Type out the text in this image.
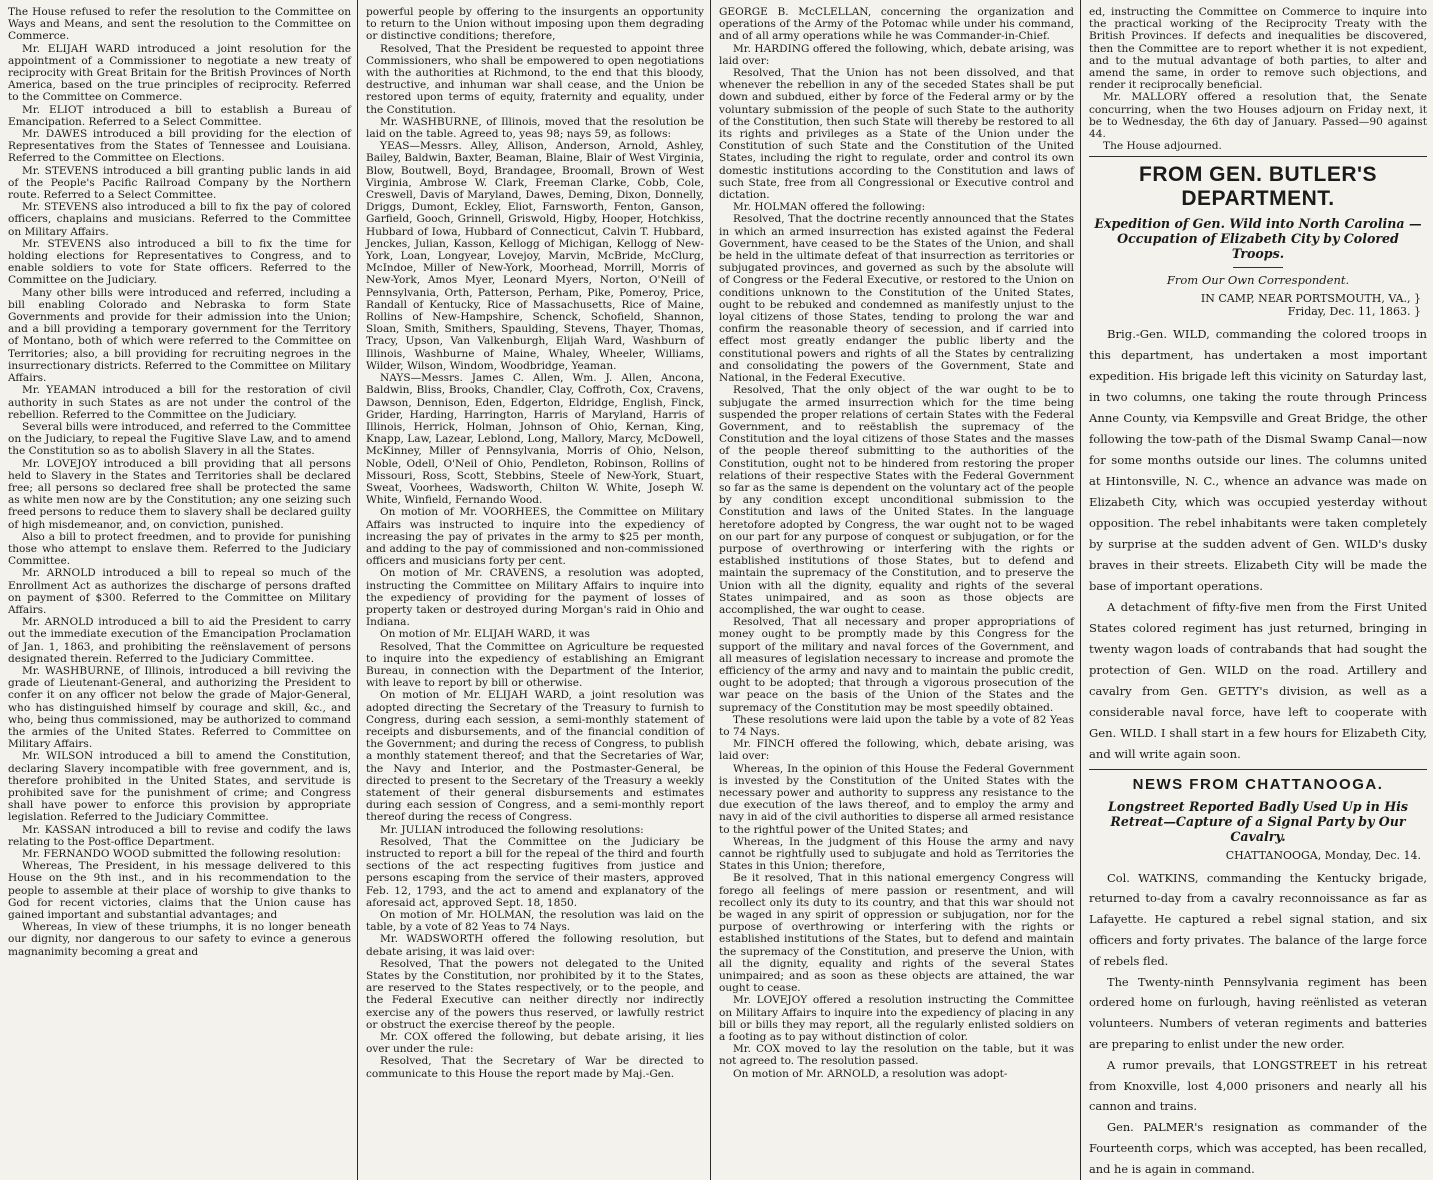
The House refused to refer the resolution to the Committee on Ways and Means, and sent the resolution to the Committee on Commerce.

Mr. ELIJAH WARD introduced a joint resolution for the appointment of a Commissioner to negotiate a new treaty of reciprocity with Great Britain for the British Provinces of North America, based on the true principles of reciprocity. Referred to the Committee on Commerce.

Mr. ELIOT introduced a bill to establish a Bureau of Emancipation. Referred to a Select Committee.

Mr. DAWES introduced a bill providing for the election of Representatives from the States of Tennessee and Louisiana. Referred to the Committee on Elections.

Mr. STEVENS introduced a bill granting public lands in aid of the People's Pacific Railroad Company by the Northern route. Referred to a Select Committee.

Mr. STEVENS also introduced a bill to fix the pay of colored officers, chaplains and musicians. Referred to the Committee on Military Affairs.

Mr. STEVENS also introduced a bill to fix the time for holding elections for Representatives to Congress, and to enable soldiers to vote for State officers. Referred to the Committee on the Judiciary.

Many other bills were introduced and referred, including a bill enabling Colorado and Nebraska to form State Governments and provide for their admission into the Union; and a bill providing a temporary government for the Territory of Montano, both of which were referred to the Committee on Territories; also, a bill providing for recruiting negroes in the insurrectionary districts. Referred to the Committee on Military Affairs.

Mr. YEAMAN introduced a bill for the restoration of civil authority in such States as are not under the control of the rebellion. Referred to the Committee on the Judiciary.

Several bills were introduced, and referred to the Committee on the Judiciary, to repeal the Fugitive Slave Law, and to amend the Constitution so as to abolish Slavery in all the States.

Mr. LOVEJOY introduced a bill providing that all persons held to Slavery in the States and Territories shall be declared free; all persons so declared free shall be protected the same as white men now are by the Constitution; any one seizing such freed persons to reduce them to slavery shall be declared guilty of high misdemeanor, and, on conviction, punished.

Also a bill to protect freedmen, and to provide for punishing those who attempt to enslave them. Referred to the Judiciary Committee.

Mr. ARNOLD introduced a bill to repeal so much of the Enrollment Act as authorizes the discharge of persons drafted on payment of $300. Referred to the Committee on Military Affairs.

Mr. ARNOLD introduced a bill to aid the President to carry out the immediate execution of the Emancipation Proclamation of Jan. 1, 1863, and prohibiting the reënslavement of persons designated therein. Referred to the Judiciary Committee.

Mr. WASHBURNE, of Illinois, introduced a bill reviving the grade of Lieutenant-General, and authorizing the President to confer it on any officer not below the grade of Major-General, who has distinguished himself by courage and skill, &c., and who, being thus commissioned, may be authorized to command the armies of the United States. Referred to Committee on Military Affairs.

Mr. WILSON introduced a bill to amend the Constitution, declaring Slavery incompatible with free government, and is, therefore prohibited in the United States, and servitude is prohibited save for the punishment of crime; and Congress shall have power to enforce this provision by appropriate legislation. Referred to the Judiciary Committee.

Mr. KASSAN introduced a bill to revise and codify the laws relating to the Post-office Department.

Mr. FERNANDO WOOD submitted the following resolution:

Whereas, The President, in his message delivered to this House on the 9th inst., and in his recommendation to the people to assemble at their place of worship to give thanks to God for recent victories, claims that the Union cause has gained important and substantial advantages; and

Whereas, In view of these triumphs, it is no longer beneath our dignity, nor dangerous to our safety to evince a generous magnanimity becoming a great and

powerful people by offering to the insurgents an opportunity to return to the Union without imposing upon them degrading or distinctive conditions; therefore,

Resolved, That the President be requested to appoint three Commissioners, who shall be empowered to open negotiations with the authorities at Richmond, to the end that this bloody, destructive, and inhuman war shall cease, and the Union be restored upon terms of equity, fraternity and equality, under the Constitution.

Mr. WASHBURNE, of Illinois, moved that the resolution be laid on the table. Agreed to, yeas 98; nays 59, as follows:

YEAS—Messrs. Alley, Allison, Anderson, Arnold, Ashley, Bailey, Baldwin, Baxter, Beaman, Blaine, Blair of West Virginia, Blow, Boutwell, Boyd, Brandagee, Broomall, Brown of West Virginia, Ambrose W. Clark, Freeman Clarke, Cobb, Cole, Creswell, Davis of Maryland, Dawes, Deming, Dixon, Donnelly, Driggs, Dumont, Eckley, Eliot, Farnsworth, Fenton, Ganson, Garfield, Gooch, Grinnell, Griswold, Higby, Hooper, Hotchkiss, Hubbard of Iowa, Hubbard of Connecticut, Calvin T. Hubbard, Jenckes, Julian, Kasson, Kellogg of Michigan, Kellogg of New-York, Loan, Longyear, Lovejoy, Marvin, McBride, McClurg, McIndoe, Miller of New-York, Moorhead, Morrill, Morris of New-York, Amos Myer, Leonard Myers, Norton, O'Neill of Pennsylvania, Orth, Patterson, Perham, Pike, Pomeroy, Price, Randall of Kentucky, Rice of Massachusetts, Rice of Maine, Rollins of New-Hampshire, Schenck, Schofield, Shannon, Sloan, Smith, Smithers, Spaulding, Stevens, Thayer, Thomas, Tracy, Upson, Van Valkenburgh, Elijah Ward, Washburn of Illinois, Washburne of Maine, Whaley, Wheeler, Williams, Wilder, Wilson, Windom, Woodbridge, Yeaman.

NAYS—Messrs. James C. Allen, Wm. J. Allen, Ancona, Baldwin, Bliss, Brooks, Chandler, Clay, Coffroth, Cox, Cravens, Dawson, Dennison, Eden, Edgerton, Eldridge, English, Finck, Grider, Harding, Harrington, Harris of Maryland, Harris of Illinois, Herrick, Holman, Johnson of Ohio, Kernan, King, Knapp, Law, Lazear, Leblond, Long, Mallory, Marcy, McDowell, McKinney, Miller of Pennsylvania, Morris of Ohio, Nelson, Noble, Odell, O'Neil of Ohio, Pendleton, Robinson, Rollins of Missouri, Ross, Scott, Stebbins, Steele of New-York, Stuart, Sweat, Voorhees, Wadsworth, Chilton W. White, Joseph W. White, Winfield, Fernando Wood.

On motion of Mr. VOORHEES, the Committee on Military Affairs was instructed to inquire into the expediency of increasing the pay of privates in the army to $25 per month, and adding to the pay of commissioned and non-commissioned officers and musicians forty per cent.

On motion of Mr. CRAVENS, a resolution was adopted, instructing the Committee on Military Affairs to inquire into the expediency of providing for the payment of losses of property taken or destroyed during Morgan's raid in Ohio and Indiana.

On motion of Mr. ELIJAH WARD, it was

Resolved, That the Committee on Agriculture be requested to inquire into the expediency of establishing an Emigrant Bureau, in connection with the Department of the Interior, with leave to report by bill or otherwise.

On motion of Mr. ELIJAH WARD, a joint resolution was adopted directing the Secretary of the Treasury to furnish to Congress, during each session, a semi-monthly statement of receipts and disbursements, and of the financial condition of the Government; and during the recess of Congress, to publish a monthly statement thereof; and that the Secretaries of War, the Navy and Interior, and the Postmaster-General, be directed to present to the Secretary of the Treasury a weekly statement of their general disbursements and estimates during each session of Congress, and a semi-monthly report thereof during the recess of Congress.

Mr. JULIAN introduced the following resolutions:

Resolved, That the Committee on the Judiciary be instructed to report a bill for the repeal of the third and fourth sections of the act respecting fugitives from justice and persons escaping from the service of their masters, approved Feb. 12, 1793, and the act to amend and explanatory of the aforesaid act, approved Sept. 18, 1850.

On motion of Mr. HOLMAN, the resolution was laid on the table, by a vote of 82 Yeas to 74 Nays.

Mr. WADSWORTH offered the following resolution, but debate arising, it was laid over:

Resolved, That the powers not delegated to the United States by the Constitution, nor prohibited by it to the States, are reserved to the States respectively, or to the people, and the Federal Executive can neither directly nor indirectly exercise any of the powers thus reserved, or lawfully restrict or obstruct the exercise thereof by the people.

Mr. COX offered the following, but debate arising, it lies over under the rule:

Resolved, That the Secretary of War be directed to communicate to this House the report made by Maj.-Gen.

GEORGE B. McCLELLAN, concerning the organization and operations of the Army of the Potomac while under his command, and of all army operations while he was Commander-in-Chief.

Mr. HARDING offered the following, which, debate arising, was laid over:

Resolved, That the Union has not been dissolved, and that whenever the rebellion in any of the seceded States shall be put down and subdued, either by force of the Federal army or by the voluntary submission of the people of such State to the authority of the Constitution, then such State will thereby be restored to all its rights and privileges as a State of the Union under the Constitution of such State and the Constitution of the United States, including the right to regulate, order and control its own domestic institutions according to the Constitution and laws of such State, free from all Congressional or Executive control and dictation.

Mr. HOLMAN offered the following:

Resolved, That the doctrine recently announced that the States in which an armed insurrection has existed against the Federal Government, have ceased to be the States of the Union, and shall be held in the ultimate defeat of that insurrection as territories or subjugated provinces, and governed as such by the absolute will of Congress or the Federal Executive, or restored to the Union on conditions unknown to the Constitution of the United States, ought to be rebuked and condemned as manifestly unjust to the loyal citizens of those States, tending to prolong the war and confirm the reasonable theory of secession, and if carried into effect most greatly endanger the public liberty and the constitutional powers and rights of all the States by centralizing and consolidating the powers of the Government, State and National, in the Federal Executive.

Resolved, That the only object of the war ought to be to subjugate the armed insurrection which for the time being suspended the proper relations of certain States with the Federal Government, and to reëstablish the supremacy of the Constitution and the loyal citizens of those States and the masses of the people thereof submitting to the authorities of the Constitution, ought not to be hindered from restoring the proper relations of their respective States with the Federal Government so far as the same is dependent on the voluntary act of the people by any condition except unconditional submission to the Constitution and laws of the United States. In the language heretofore adopted by Congress, the war ought not to be waged on our part for any purpose of conquest or subjugation, or for the purpose of overthrowing or interfering with the rights or established institutions of those States, but to defend and maintain the supremacy of the Constitution, and to preserve the Union with all the dignity, equality and rights of the several States unimpaired, and as soon as those objects are accomplished, the war ought to cease.

Resolved, That all necessary and proper appropriations of money ought to be promptly made by this Congress for the support of the military and naval forces of the Government, and all measures of legislation necessary to increase and promote the efficiency of the army and navy and to maintain the public credit, ought to be adopted; that through a vigorous prosecution of the war peace on the basis of the Union of the States and the supremacy of the Constitution may be most speedily obtained.

These resolutions were laid upon the table by a vote of 82 Yeas to 74 Nays.

Mr. FINCH offered the following, which, debate arising, was laid over:

Whereas, In the opinion of this House the Federal Government is invested by the Constitution of the United States with the necessary power and authority to suppress any resistance to the due execution of the laws thereof, and to employ the army and navy in aid of the civil authorities to disperse all armed resistance to the rightful power of the United States; and

Whereas, In the judgment of this House the army and navy cannot be rightfully used to subjugate and hold as Territories the States in this Union; therefore,

Be it resolved, That in this national emergency Congress will forego all feelings of mere passion or resentment, and will recollect only its duty to its country, and that this war should not be waged in any spirit of oppression or subjugation, nor for the purpose of overthrowing or interfering with the rights or established institutions of the States, but to defend and maintain the supremacy of the Constitution, and preserve the Union, with all the dignity, equality and rights of the several States unimpaired; and as soon as these objects are attained, the war ought to cease.

Mr. LOVEJOY offered a resolution instructing the Committee on Military Affairs to inquire into the expediency of placing in any bill or bills they may report, all the regularly enlisted soldiers on a footing as to pay without distinction of color.

Mr. COX moved to lay the resolution on the table, but it was not agreed to. The resolution passed.

On motion of Mr. ARNOLD, a resolution was adopt-

ed, instructing the Committee on Commerce to inquire into the practical working of the Reciprocity Treaty with the British Provinces. If defects and inequalities be discovered, then the Committee are to report whether it is not expedient, and to the mutual advantage of both parties, to alter and amend the same, in order to remove such objections, and render it reciprocally beneficial.

Mr. MALLORY offered a resolution that, the Senate concurring, when the two Houses adjourn on Friday next, it be to Wednesday, the 6th day of January. Passed—90 against 44.

The House adjourned.

FROM GEN. BUTLER'S DEPARTMENT.
Expedition of Gen. Wild into North Carolina —Occupation of Elizabeth City by Colored Troops.
From Our Own Correspondent.
IN CAMP, NEAR PORTSMOUTH, VA., }
Friday, Dec. 11, 1863. }

Brig.-Gen. WILD, commanding the colored troops in this department, has undertaken a most important expedition. His brigade left this vicinity on Saturday last, in two columns, one taking the route through Princess Anne County, via Kempsville and Great Bridge, the other following the tow-path of the Dismal Swamp Canal—now for some months outside our lines. The columns united at Hintonsville, N. C., whence an advance was made on Elizabeth City, which was occupied yesterday without opposition. The rebel inhabitants were taken completely by surprise at the sudden advent of Gen. WILD's dusky braves in their streets. Elizabeth City will be made the base of important operations.

A detachment of fifty-five men from the First United States colored regiment has just returned, bringing in twenty wagon loads of contrabands that had sought the protection of Gen. WILD on the road. Artillery and cavalry from Gen. GETTY's division, as well as a considerable naval force, have left to cooperate with Gen. WILD. I shall start in a few hours for Elizabeth City, and will write again soon.

NEWS FROM CHATTANOOGA.
Longstreet Reported Badly Used Up in His Retreat—Capture of a Signal Party by Our Cavalry.
CHATTANOOGA, Monday, Dec. 14.

Col. WATKINS, commanding the Kentucky brigade, returned to-day from a cavalry reconnoissance as far as Lafayette. He captured a rebel signal station, and six officers and forty privates. The balance of the large force of rebels fled.

The Twenty-ninth Pennsylvania regiment has been ordered home on furlough, having reënlisted as veteran volunteers. Numbers of veteran regiments and batteries are preparing to enlist under the new order.

A rumor prevails, that LONGSTREET in his retreat from Knoxville, lost 4,000 prisoners and nearly all his cannon and trains.

Gen. PALMER's resignation as commander of the Fourteenth corps, which was accepted, has been recalled, and he is again in command.
